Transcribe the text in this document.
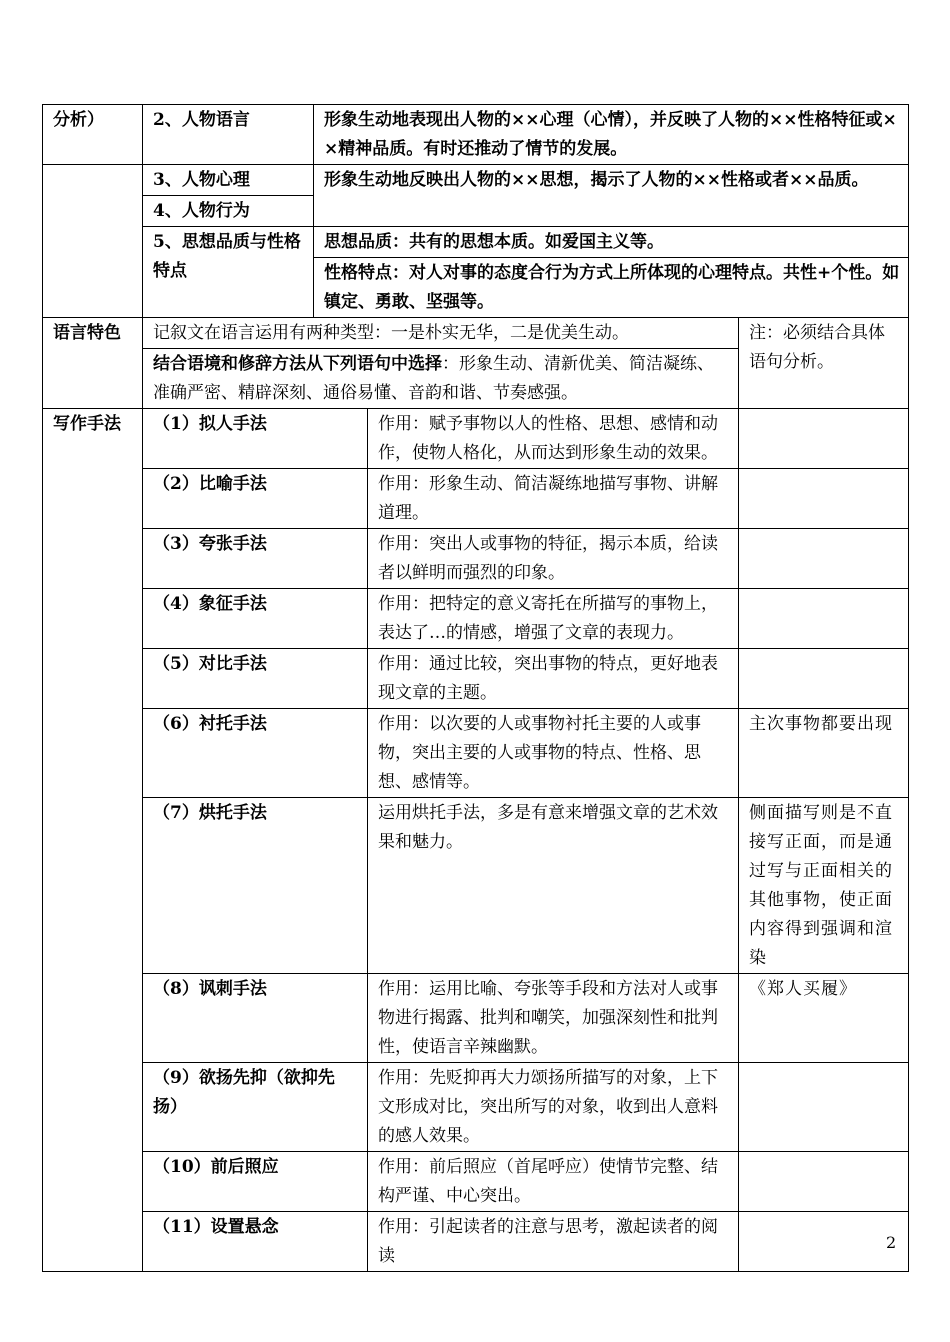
分析）	2、人物语言	形象生动地表现出人物的××心理（心情），并反映了人物的××性格特征或××精神品质。有时还推动了情节的发展。		
	3、人物心理	形象生动地反映出人物的××思想，揭示了人物的××性格或者××品质。		
	4、人物行为			
	5、思想品质与性格特点	思想品质：共有的思想本质。如爱国主义等。		
		性格特点：对人对事的态度合行为方式上所体现的心理特点。共性+个性。如镇定、勇敢、坚强等。		
语言特色	记叙文在语言运用有两种类型：一是朴实无华，二是优美生动。			注：必须结合具体语句分析。
	结合语境和修辞方法从下列语句中选择：形象生动、清新优美、简洁凝练、准确严密、精辟深刻、通俗易懂、音韵和谐、节奏感强。			
写作手法	（1）拟人手法		作用：赋予事物以人的性格、思想、感情和动作，使物人格化，从而达到形象生动的效果。	
	（2）比喻手法		作用：形象生动、简洁凝练地描写事物、讲解道理。	
	（3）夸张手法		作用：突出人或事物的特征，揭示本质，给读者以鲜明而强烈的印象。	
	（4）象征手法		作用：把特定的意义寄托在所描写的事物上，表达了…的情感，增强了文章的表现力。	
	（5）对比手法		作用：通过比较，突出事物的特点，更好地表现文章的主题。	
	（6）衬托手法		作用：以次要的人或事物衬托主要的人或事物，突出主要的人或事物的特点、性格、思想、感情等。	主次事物都要出现
	（7）烘托手法		运用烘托手法，多是有意来增强文章的艺术效果和魅力。	侧面描写则是不直接写正面，而是通过写与正面相关的其他事物，使正面内容得到强调和渲染
	（8）讽刺手法		作用：运用比喻、夸张等手段和方法对人或事物进行揭露、批判和嘲笑，加强深刻性和批判性，使语言辛辣幽默。	《郑人买履》
	（9）欲扬先抑（欲抑先扬）		作用：先贬抑再大力颂扬所描写的对象，上下文形成对比，突出所写的对象，收到出人意料的感人效果。	
	（10）前后照应		作用：前后照应（首尾呼应）使情节完整、结构严谨、中心突出。	
	（11）设置悬念		作用：引起读者的注意与思考，激起读者的阅读	
2
